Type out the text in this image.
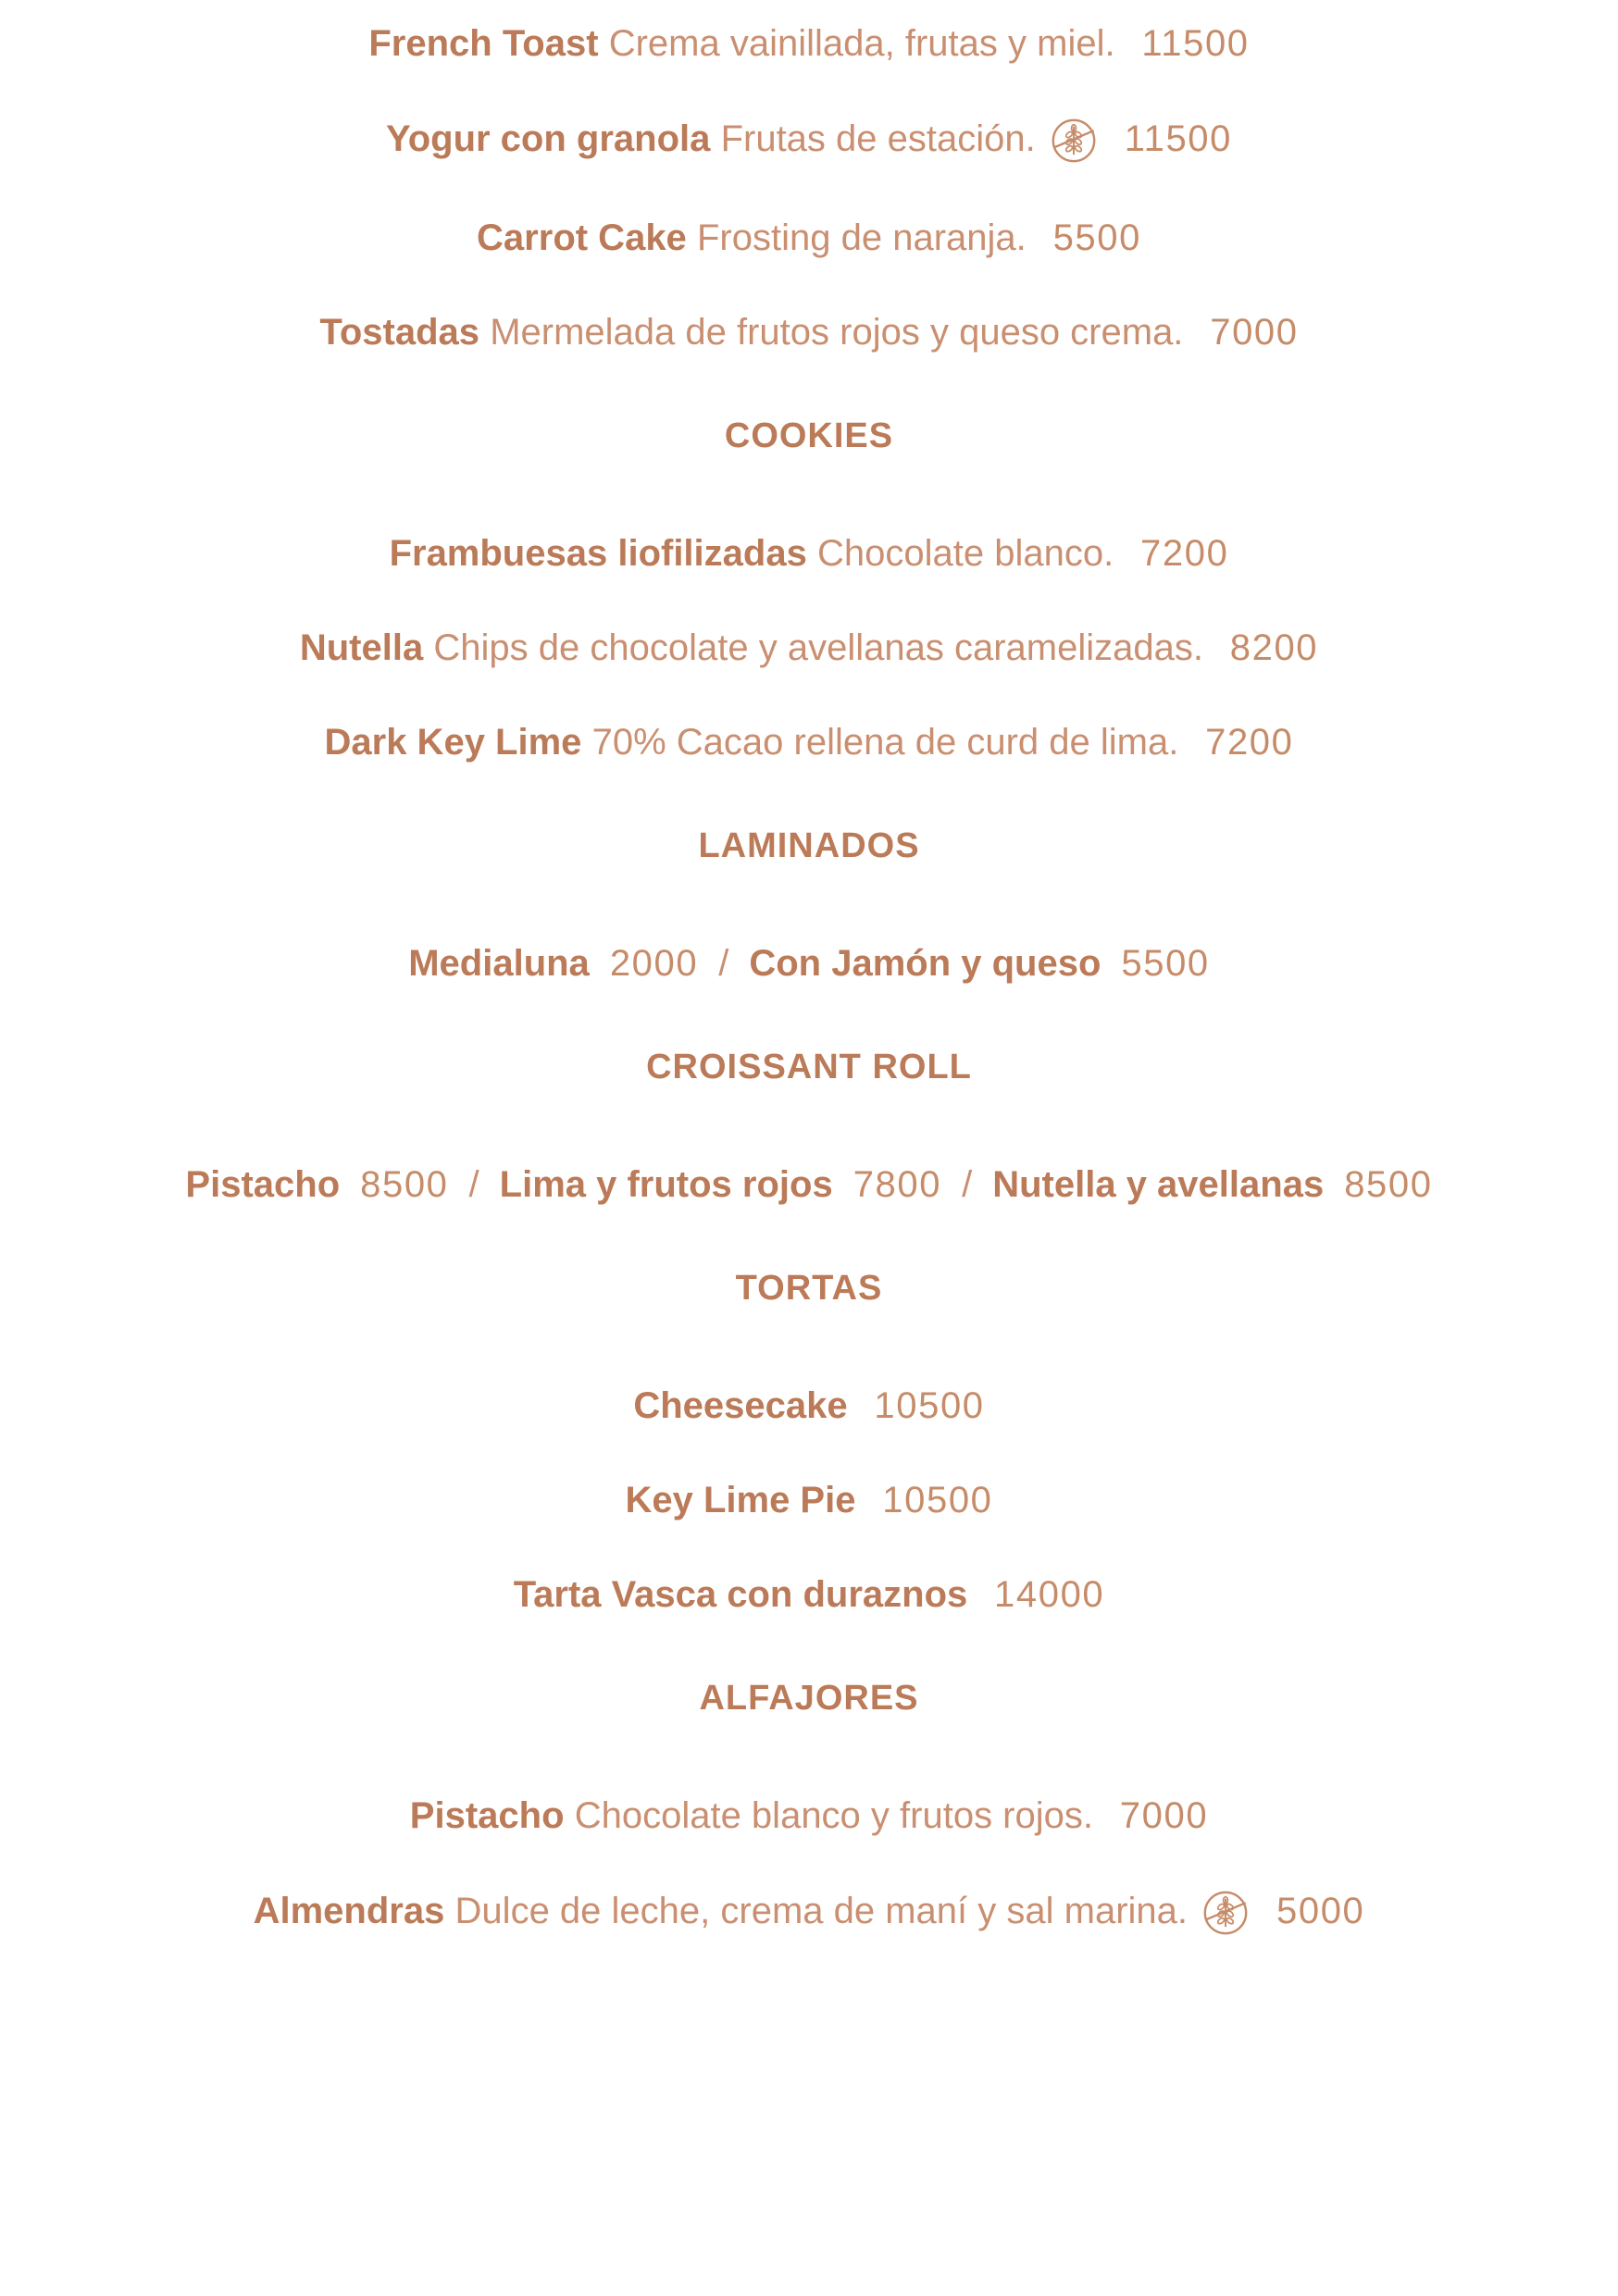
French Toast Crema vainillada, frutas y miel. 11500

Yogur con granola Frutas de estación. 11500

Carrot Cake Frosting de naranja. 5500

Tostadas Mermelada de frutos rojos y queso crema. 7000

COOKIES

Frambuesas liofilizadas Chocolate blanco. 7200

Nutella Chips de chocolate y avellanas caramelizadas. 8200

Dark Key Lime 70% Cacao rellena de curd de lima. 7200

LAMINADOS

Medialuna 2000 / Con Jamón y queso 5500

CROISSANT ROLL

Pistacho 8500 / Lima y frutos rojos 7800 / Nutella y avellanas 8500

TORTAS

Cheesecake 10500

Key Lime Pie 10500

Tarta Vasca con duraznos 14000

ALFAJORES

Pistacho Chocolate blanco y frutos rojos. 7000

Almendras Dulce de leche, crema de maní y sal marina. 5000
